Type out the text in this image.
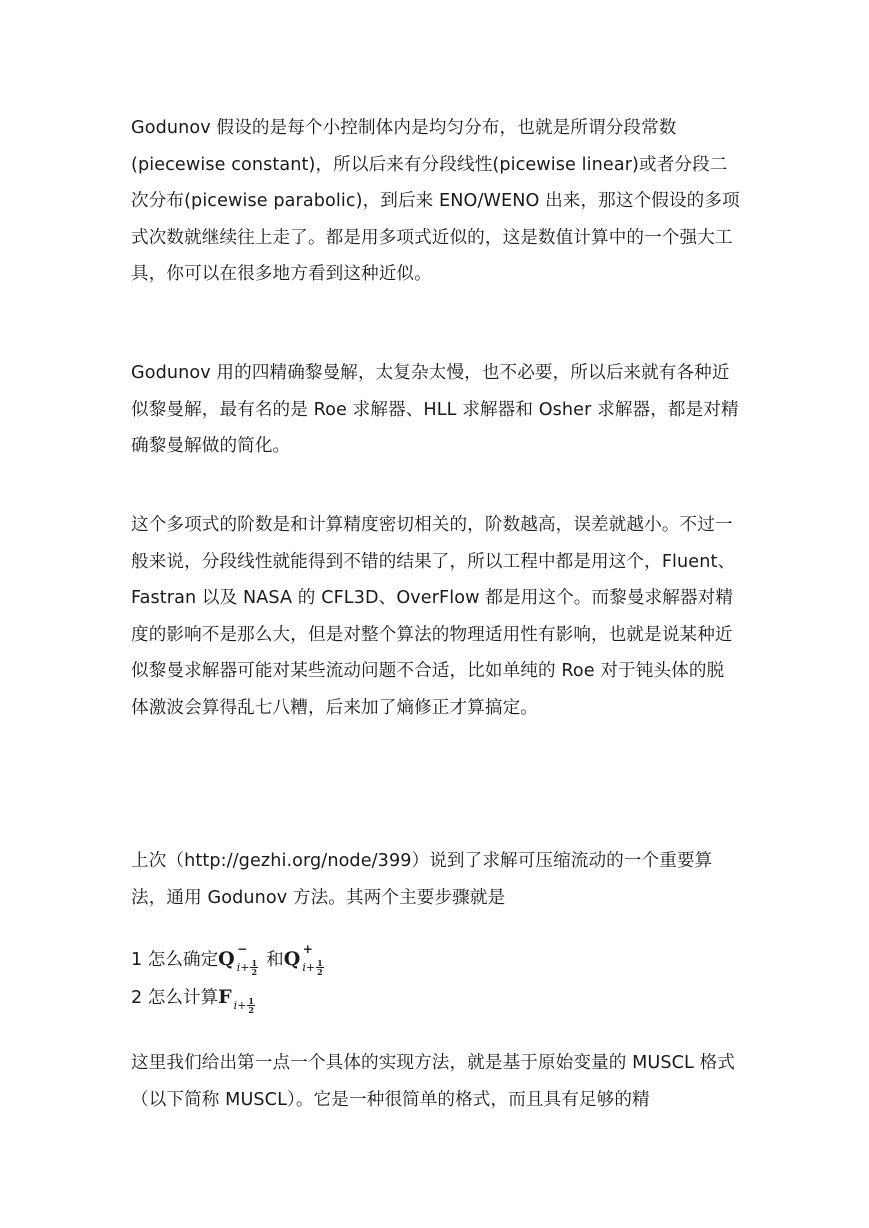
Godunov 假设的是每个小控制体内是均匀分布，也就是所谓分段常数(piecewise constant)，所以后来有分段线性(picewise linear)或者分段二次分布(picewise parabolic)，到后来 ENO/WENO 出来，那这个假设的多项式次数就继续往上走了。都是用多项式近似的，这是数值计算中的一个强大工具，你可以在很多地方看到这种近似。

Godunov 用的四精确黎曼解，太复杂太慢，也不必要，所以后来就有各种近似黎曼解，最有名的是 Roe 求解器、HLL 求解器和 Osher 求解器，都是对精确黎曼解做的简化。

这个多项式的阶数是和计算精度密切相关的，阶数越高，误差就越小。不过一般来说，分段线性就能得到不错的结果了，所以工程中都是用这个，Fluent、Fastran 以及 NASA 的 CFL3D、OverFlow 都是用这个。而黎曼求解器对精度的影响不是那么大，但是对整个算法的物理适用性有影响，也就是说某种近似黎曼求解器可能对某些流动问题不合适，比如单纯的 Roe 对于钝头体的脱体激波会算得乱七八糟，后来加了熵修正才算搞定。

上次（http://gezhi.org/node/399）说到了求解可压缩流动的一个重要算法，通用 Godunov 方法。其两个主要步骤就是

1 怎么确定Q −
$_{i+} \frac{1}{2}$ 和Q +
$_{i+} \frac{1}{2}$
2 怎么计算F $_{i+} \frac{1}{2}$

这里我们给出第一点一个具体的实现方法，就是基于原始变量的 MUSCL 格式（以下简称 MUSCL）。它是一种很简单的格式，而且具有足够的精
